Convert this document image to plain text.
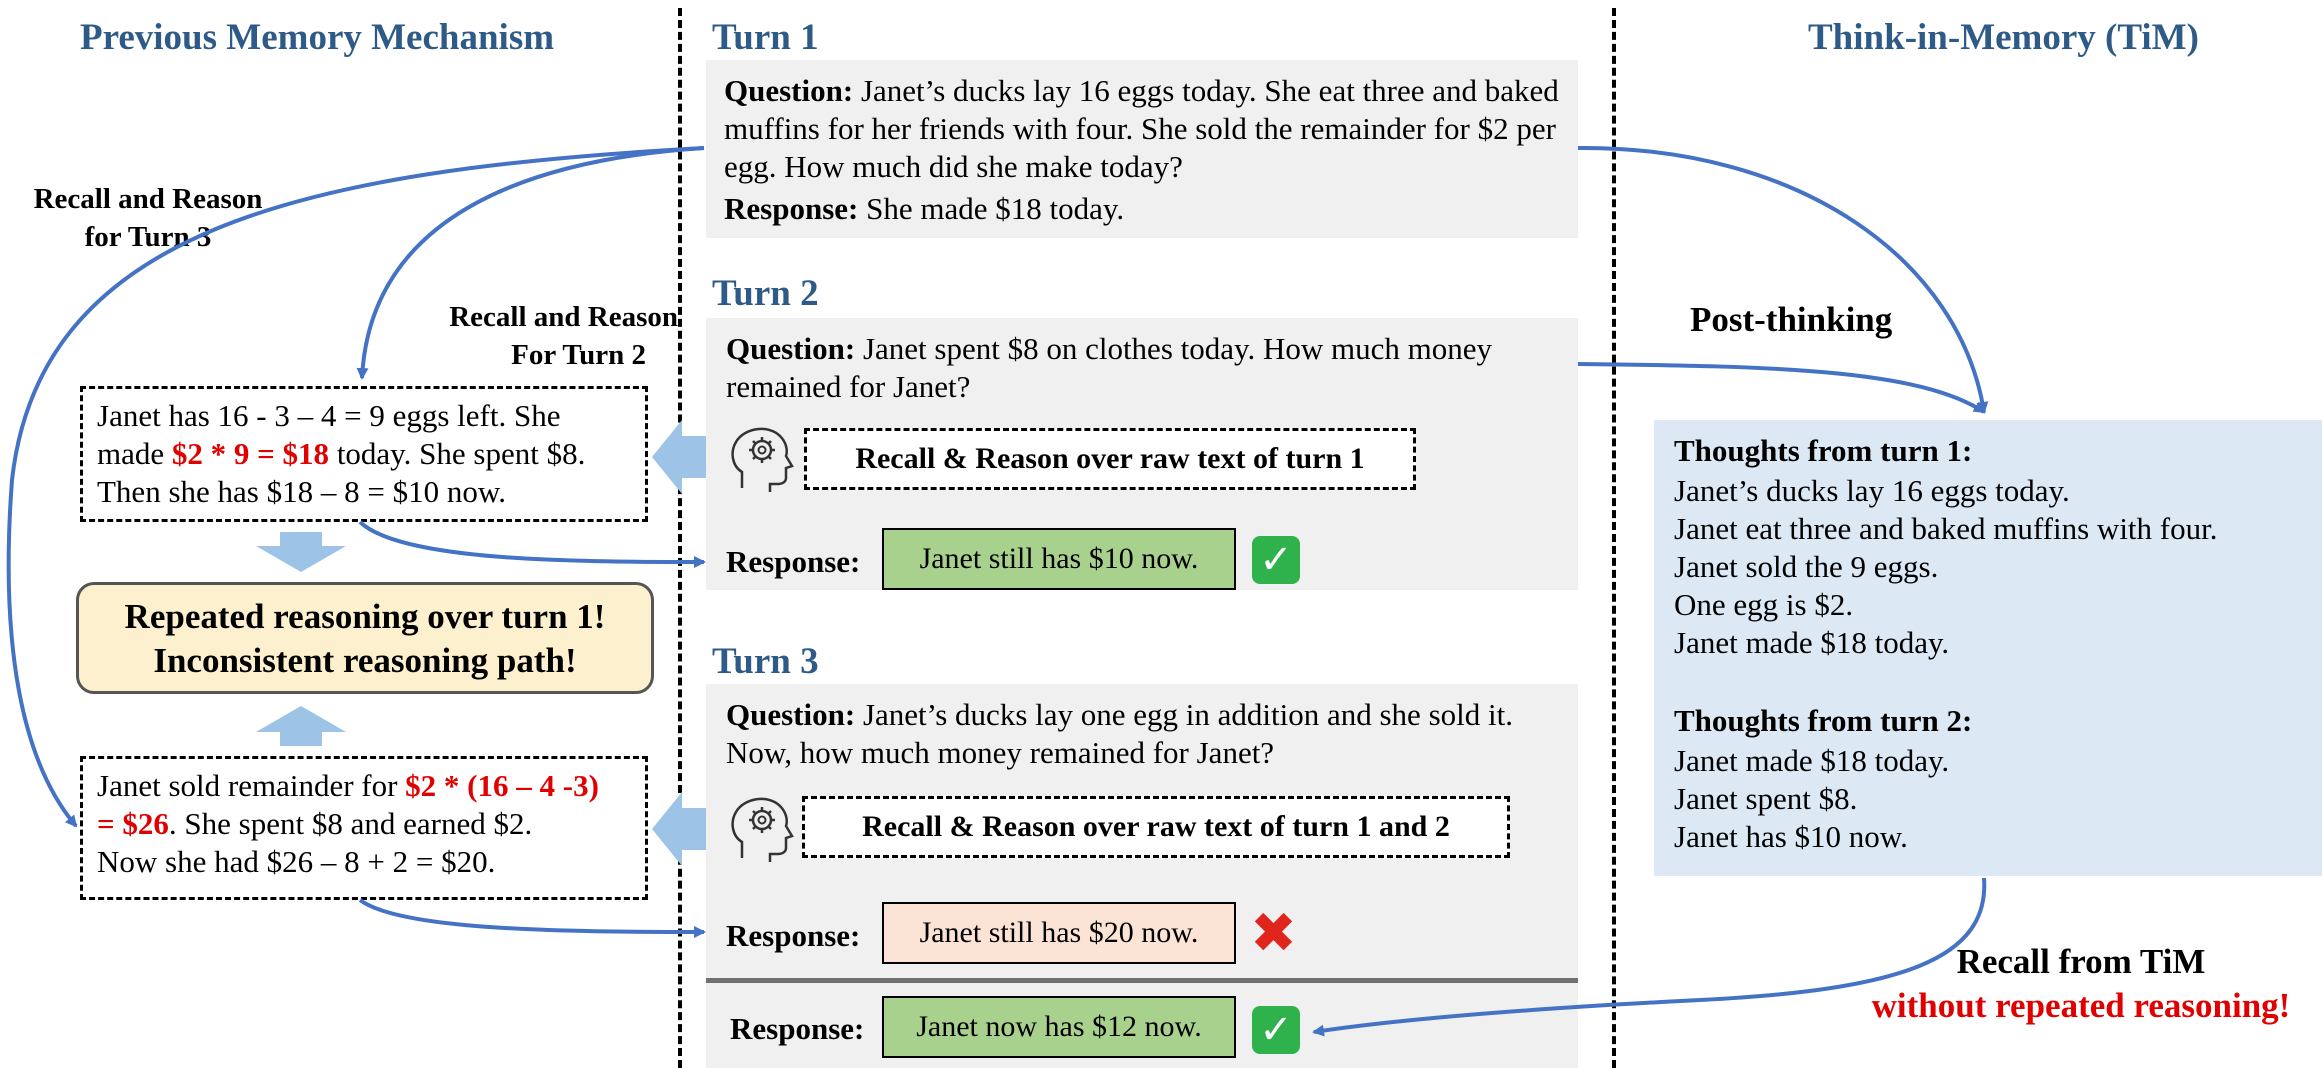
Previous Memory Mechanism	Think-in-Memory (TiM)
Turn 1
Question: Janet’s ducks lay 16 eggs today. She eat three and baked muffins for her friends with four. She sold the remainder for $2 per egg. How much did she make today?
Response: She made $18 today.
Turn 2
Question: Janet spent $8 on clothes today. How much money remained for Janet?
Recall & Reason over raw text of turn 1
Response:	Janet still has $10 now.	✓
Turn 3
Question: Janet’s ducks lay one egg in addition and she sold it. Now, how much money remained for Janet?
Recall & Reason over raw text of turn 1 and 2
Response:	Janet still has $20 now. ✖
Response:	Janet now has $12 now.	✓
Recall and Reason
for Turn 3
Recall and Reason
For Turn 2
Janet has 16 - 3 – 4 = 9 eggs left. She
made $2 * 9 = $18 today. She spent $8.
Then she has $18 – 8 = $10 now.
Repeated reasoning over turn 1!
Inconsistent reasoning path!
Janet sold remainder for $2 * (16 – 4 -3)
= $26. She spent $8 and earned $2.
Now she had $26 – 8 + 2 = $20.
Post-thinking
Thoughts from turn 1:
Janet’s ducks lay 16 eggs today.
Janet eat three and baked muffins with four.
Janet sold the 9 eggs.
One egg is $2.
Janet made $18 today.
Thoughts from turn 2:
Janet made $18 today.
Janet spent $8.
Janet has $10 now.
Recall from TiM
without repeated reasoning!
